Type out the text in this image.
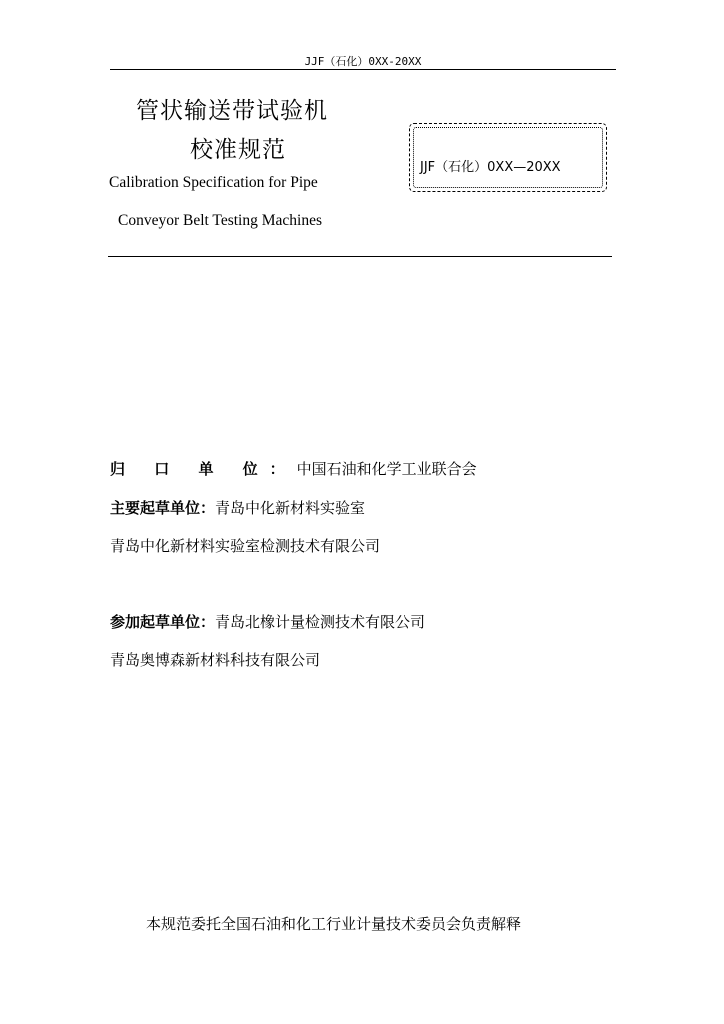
JJF（石化）0XX-20XX
管状输送带试验机
校准规范
Calibration Specification for Pipe
Conveyor Belt Testing Machines
JJF（石化）0XX—20XX
归 口 单 位：中国石油和化学工业联合会
主要起草单位：青岛中化新材料实验室
青岛中化新材料实验室检测技术有限公司
参加起草单位：青岛北橡计量检测技术有限公司
青岛奥博森新材料科技有限公司
本规范委托全国石油和化工行业计量技术委员会负责解释
